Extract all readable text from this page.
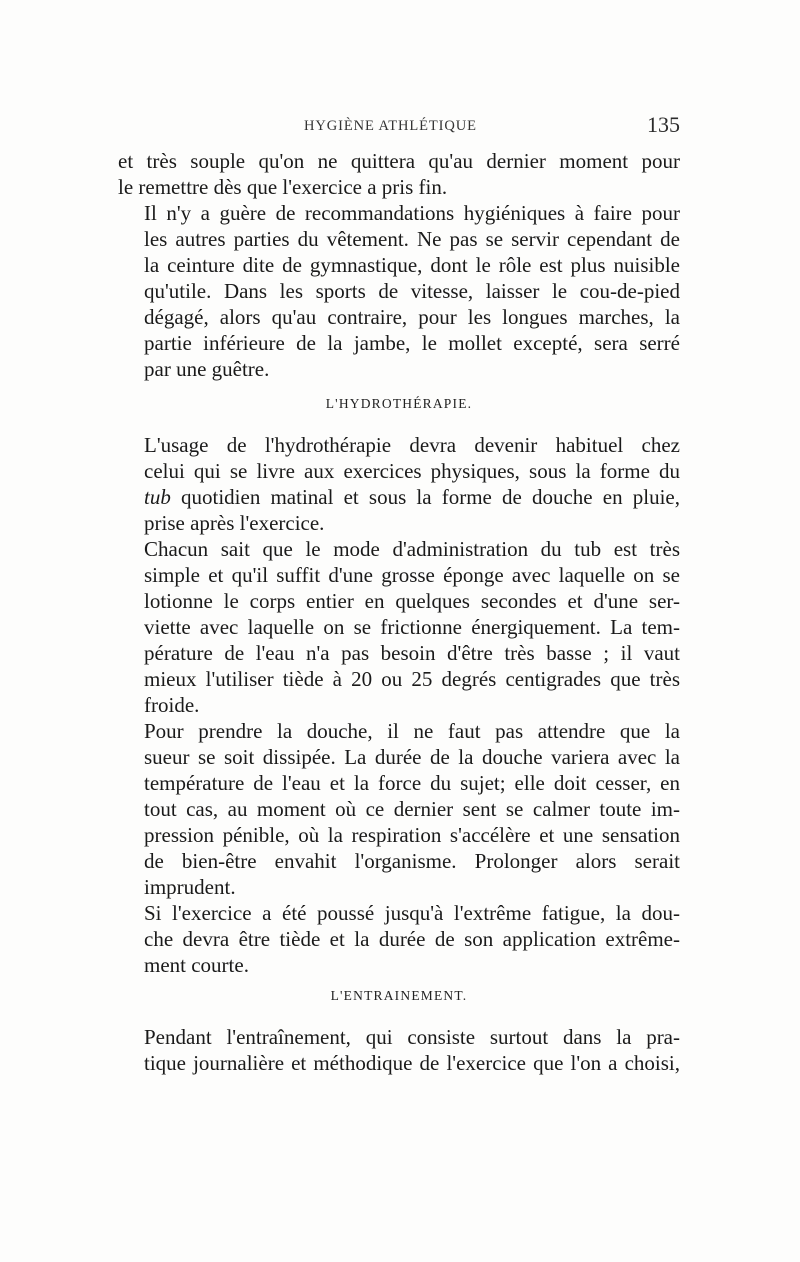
HYGIÈNE ATHLÉTIQUE	135

et très souple qu'on ne quittera qu'au dernier moment pour
le remettre dès que l'exercice a pris fin.

Il n'y a guère de recommandations hygiéniques à faire pour
les autres parties du vêtement. Ne pas se servir cependant de
la ceinture dite de gymnastique, dont le rôle est plus nuisible
qu'utile. Dans les sports de vitesse, laisser le cou-de-pied
dégagé, alors qu'au contraire, pour les longues marches, la
partie inférieure de la jambe, le mollet excepté, sera serré
par une guêtre.

L'HYDROTHÉRAPIE.

L'usage de l'hydrothérapie devra devenir habituel chez
celui qui se livre aux exercices physiques, sous la forme du
tub quotidien matinal et sous la forme de douche en pluie,
prise après l'exercice.

Chacun sait que le mode d'administration du tub est très
simple et qu'il suffit d'une grosse éponge avec laquelle on se
lotionne le corps entier en quelques secondes et d'une ser-
viette avec laquelle on se frictionne énergiquement. La tem-
pérature de l'eau n'a pas besoin d'être très basse ; il vaut
mieux l'utiliser tiède à 20 ou 25 degrés centigrades que très
froide.

Pour prendre la douche, il ne faut pas attendre que la
sueur se soit dissipée. La durée de la douche variera avec la
température de l'eau et la force du sujet; elle doit cesser, en
tout cas, au moment où ce dernier sent se calmer toute im-
pression pénible, où la respiration s'accélère et une sensation
de bien-être envahit l'organisme. Prolonger alors serait
imprudent.

Si l'exercice a été poussé jusqu'à l'extrême fatigue, la dou-
che devra être tiède et la durée de son application extrême-
ment courte.

L'ENTRAINEMENT.

Pendant l'entraînement, qui consiste surtout dans la pra-
tique journalière et méthodique de l'exercice que l'on a choisi,
